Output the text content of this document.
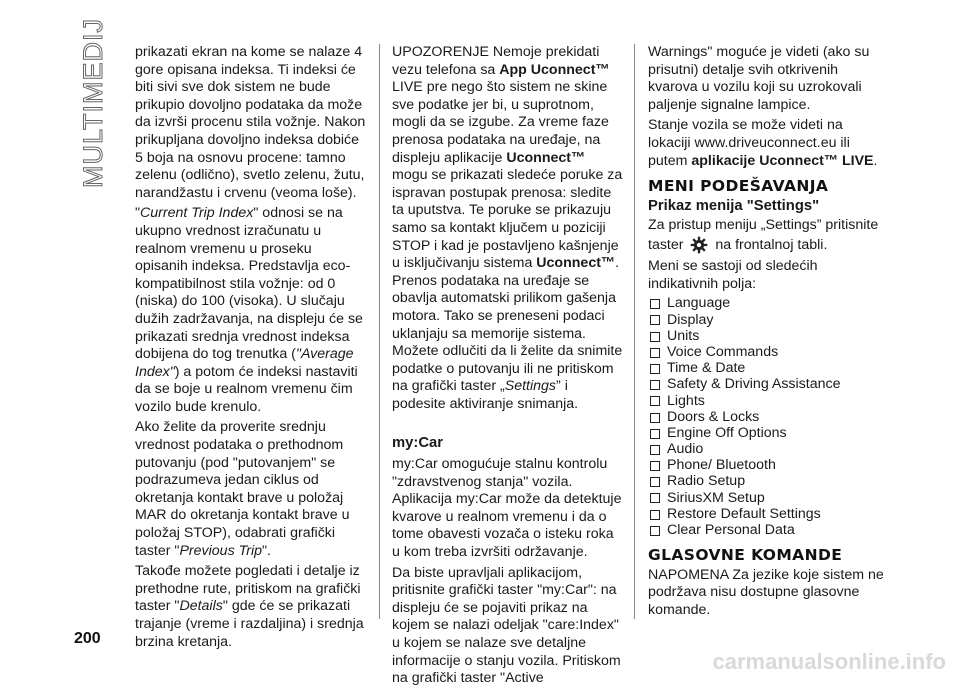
MULTIMEDIJ prikazati ekran na kome se nalaze 4 gore opisana indeksa. Ti indeksi će biti sivi sve dok sistem ne bude prikupio dovoljno podataka da može da izvrši procenu stila vožnje. Nakon prikupljana dovoljno indeksa dobiće 5 boja na osnovu procene: tamno zelenu (odlično), svetlo zelenu, žutu, narandžastu i crvenu (veoma loše).

"Current Trip Index" odnosi se na ukupno vrednost izračunatu u realnom vremenu u proseku opisanih indeksa. Predstavlja eco- kompatibilnost stila vožnje: od 0 (niska) do 100 (visoka). U slučaju dužih zadržavanja, na displeju će se prikazati srednja vrednost indeksa dobijena do tog trenutka ("Average Index") a potom će indeksi nastaviti da se boje u realnom vremenu čim vozilo bude krenulo.

Ako želite da proverite srednju vrednost podataka o prethodnom putovanju (pod "putovanjem" se podrazumeva jedan ciklus od okretanja kontakt brave u položaj MAR do okretanja kontakt brave u položaj STOP), odabrati grafički taster "Previous Trip".

Takođe možete pogledati i detalje iz prethodne rute, pritiskom na grafički taster "Details" gde će se prikazati trajanje (vreme i razdaljina) i srednja brzina kretanja.

UPOZORENJE Nemoje prekidati vezu telefona sa App Uconnect™ LIVE pre nego što sistem ne skine sve podatke jer bi, u suprotnom, mogli da se izgube. Za vreme faze prenosa podataka na uređaje, na displeju aplikacije Uconnect™ mogu se prikazati sledeće poruke za ispravan postupak prenosa: sledite ta uputstva. Te poruke se prikazuju samo sa kontakt ključem u poziciji STOP i kad je postavljeno kašnjenje u isključivanju sistema Uconnect™. Prenos podataka na uređaje se obavlja automatski prilikom gašenja motora. Tako se preneseni podaci uklanjaju sa memorije sistema. Možete odlučiti da li želite da snimite podatke o putovanju ili ne pritiskom na grafički taster „Settings” i podesite aktiviranje snimanja.

my:Car

my:Car omogućuje stalnu kontrolu "zdravstvenog stanja" vozila. Aplikacija my:Car može da detektuje kvarove u realnom vremenu i da o tome obavesti vozača o isteku roka u kom treba izvršiti održavanje.

Da biste upravljali aplikacijom, pritisnite grafički taster "my:Car": na displeju će se pojaviti prikaz na kojem se nalazi odeljak "care:Index" u kojem se nalaze sve detaljne informacije o stanju vozila. Pritiskom na grafički taster "Active

Warnings" moguće je videti (ako su prisutni) detalje svih otkrivenih kvarova u vozilu koji su uzrokovali paljenje signalne lampice.

Stanje vozila se može videti na lokaciji www.driveuconnect.eu ili putem aplikacije Uconnect™ LIVE.

MENI PODEŠAVANJA
Prikaz menija "Settings"

Za pristup meniju „Settings” pritisnite taster na frontalnoj tabli.

Meni se sastoji od sledećih indikativnih polja:

Language
Display
Units
Voice Commands
Time & Date
Safety & Driving Assistance
Lights
Doors & Locks
Engine Off Options
Audio
Phone/ Bluetooth
Radio Setup
SiriusXM Setup
Restore Default Settings
Clear Personal Data
GLASOVNE KOMANDE

NAPOMENA Za jezike koje sistem ne podržava nisu dostupne glasovne komande.

200
carmanualsonline.info
